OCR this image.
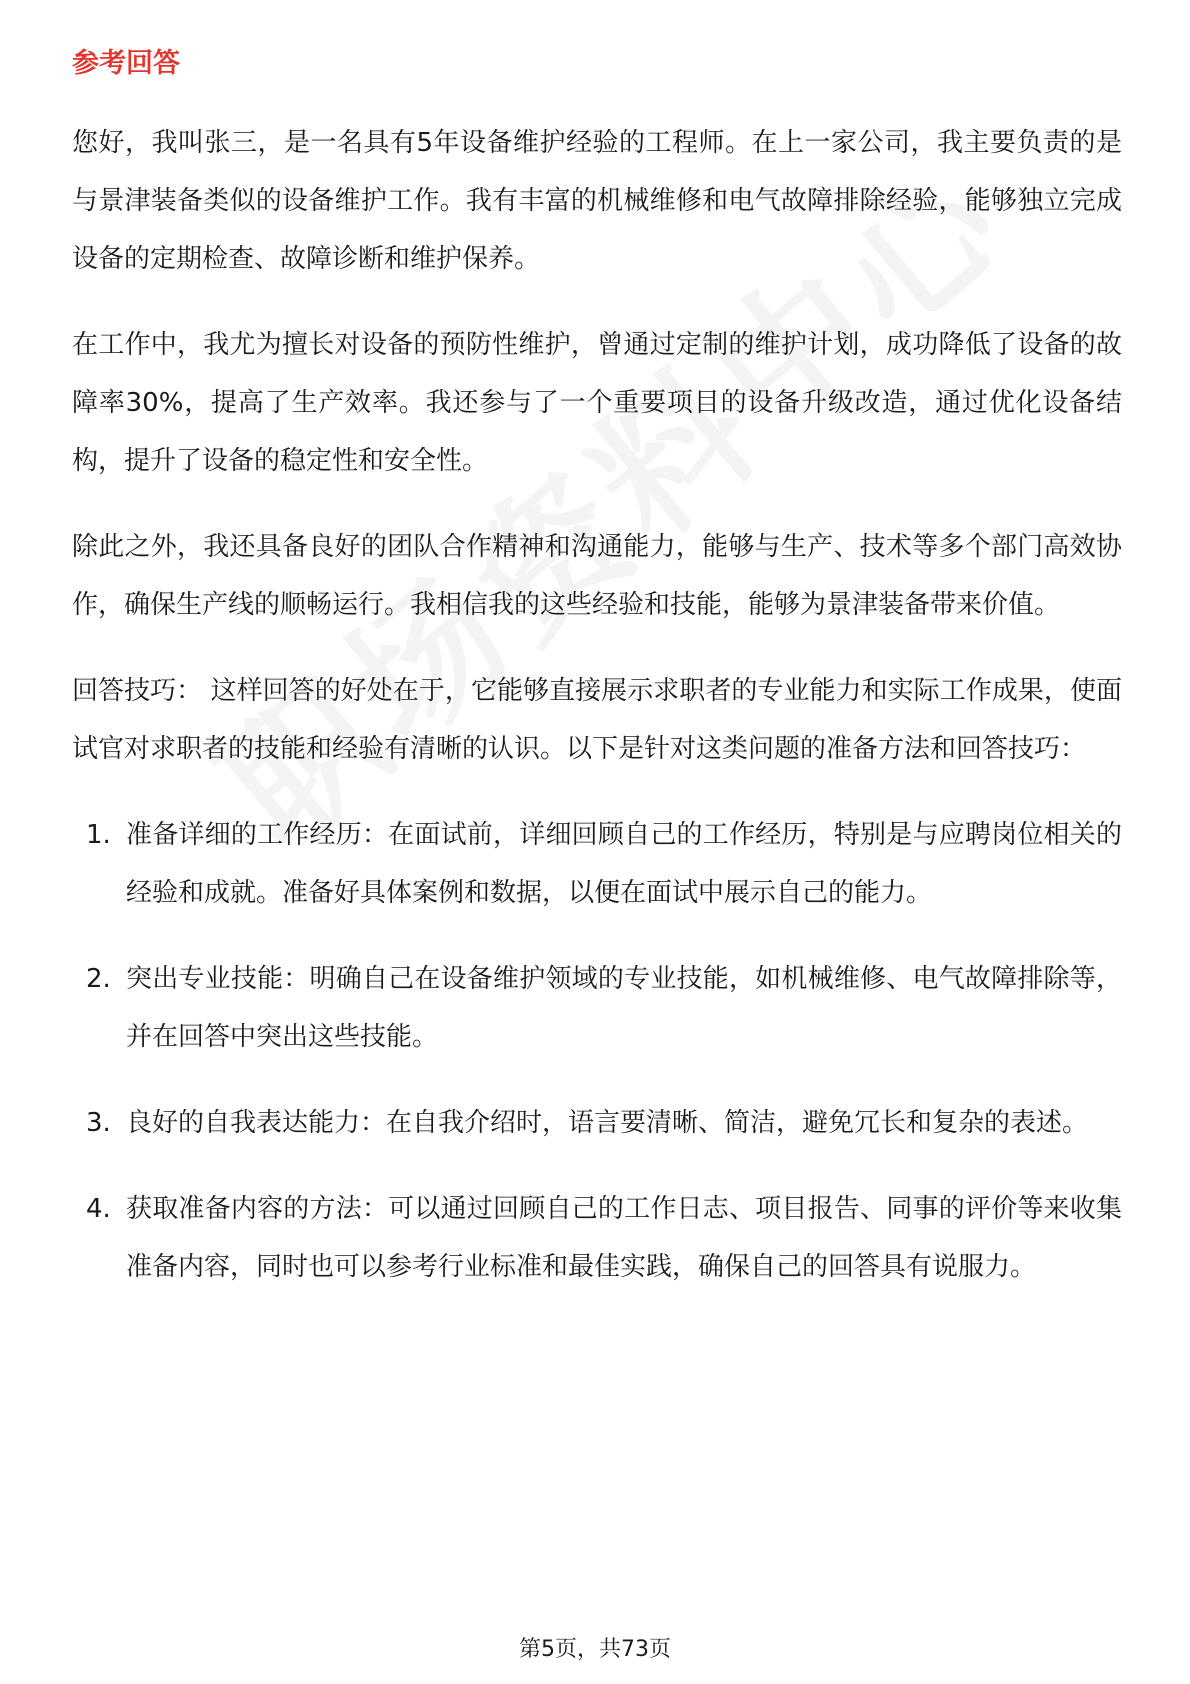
参考回答

您好，我叫张三，是一名具有5年设备维护经验的工程师。在上一家公司，我主要负责的是与景津装备类似的设备维护工作。我有丰富的机械维修和电气故障排除经验，能够独立完成设备的定期检查、故障诊断和维护保养。

在工作中，我尤为擅长对设备的预防性维护，曾通过定制的维护计划，成功降低了设备的故障率30%，提高了生产效率。我还参与了一个重要项目的设备升级改造，通过优化设备结构，提升了设备的稳定性和安全性。

除此之外，我还具备良好的团队合作精神和沟通能力，能够与生产、技术等多个部门高效协作，确保生产线的顺畅运行。我相信我的这些经验和技能，能够为景津装备带来价值。

回答技巧： 这样回答的好处在于，它能够直接展示求职者的专业能力和实际工作成果，使面试官对求职者的技能和经验有清晰的认识。以下是针对这类问题的准备方法和回答技巧：

1. 准备详细的工作经历：在面试前，详细回顾自己的工作经历，特别是与应聘岗位相关的经验和成就。准备好具体案例和数据，以便在面试中展示自己的能力。
2. 突出专业技能：明确自己在设备维护领域的专业技能，如机械维修、电气故障排除等，并在回答中突出这些技能。
3. 良好的自我表达能力：在自我介绍时，语言要清晰、简洁，避免冗长和复杂的表述。
4. 获取准备内容的方法：可以通过回顾自己的工作日志、项目报告、同事的评价等来收集准备内容，同时也可以参考行业标准和最佳实践，确保自己的回答具有说服力。
第5页，共73页
